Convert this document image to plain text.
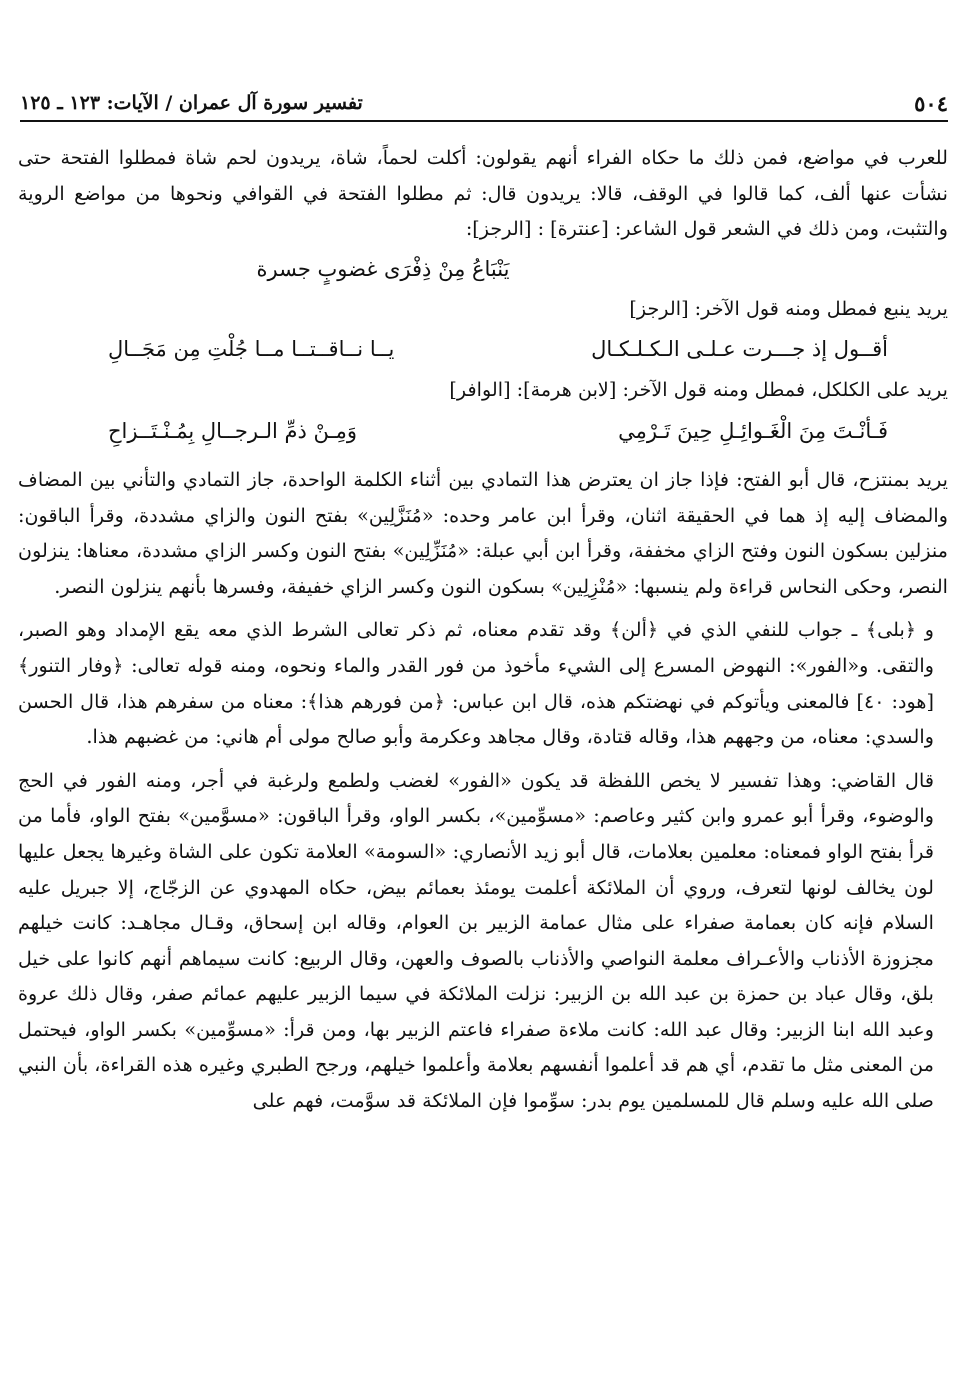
٥٠٤
تفسير سورة آل عمران / الآيات: ١٢٣ ـ ١٢٥

للعرب في مواضع، فمن ذلك ما حكاه الفراء أنهم يقولون: أكلت لحماً، شاة، يريدون لحم شاة فمطلوا الفتحة حتى نشأت عنها ألف، كما قالوا في الوقف، قالا: يريدون قال: ثم مطلوا الفتحة في القوافي ونحوها من مواضع الروية والتثبت، ومن ذلك في الشعر قول الشاعر: [عنترة] : [الرجز]:

يَنْبَاعُ مِنْ ذِفْرَى غضوبٍ جسرة

يريد ينبع فمطل ومنه قول الآخر: [الرجز]

أقــول إذ جـــرت عـلـى الـكـلـكـال
يــا نــاقــتــا مــا جُلْتِ مِن مَجَــالِ

يريد على الكلكل، فمطل ومنه قول الآخر: [لابن هرمة]: [الوافر]

فَـأنْـتَ مِنَ الْغَـوائِـلِ حِينَ تَـرْمِي
وَمِـنْ ذمِّ الـرجــالِ بِمُـنْـتَــزاحِ

يريد بمنتزح، قال أبو الفتح: فإذا جاز ان يعترض هذا التمادي بين أثناء الكلمة الواحدة، جاز التمادي والتأني بين المضاف والمضاف إليه إذ هما في الحقيقة اثنان، وقرأ ابن عامر وحده: «مُنَزَّلِين» بفتح النون والزاي مشددة، وقرأ الباقون: منزلين بسكون النون وفتح الزاي مخففة، وقرأ ابن أبي عبلة: «مُنَزِّلِين» بفتح النون وكسر الزاي مشددة، معناها: ينزلون النصر، وحكى النحاس قراءة ولم ينسبها: «مُنْزِلِين» بسكون النون وكسر الزاي خفيفة، وفسرها بأنهم ينزلون النصر.

و ﴿بلى﴾ ـ جواب للنفي الذي في ﴿ألن﴾ وقد تقدم معناه، ثم ذكر تعالى الشرط الذي معه يقع الإمداد وهو الصبر، والتقى. و«الفور»: النهوض المسرع إلى الشيء مأخوذ من فور القدر والماء ونحوه، ومنه قوله تعالى: ﴿وفار التنور﴾ [هود: ٤٠] فالمعنى ويأتوكم في نهضتكم هذه، قال ابن عباس: ﴿من فورهم هذا﴾: معناه من سفرهم هذا، قال الحسن والسدي: معناه، من وجههم هذا، وقاله قتادة، وقال مجاهد وعكرمة وأبو صالح مولى أم هاني: من غضبهم هذا.

قال القاضي: وهذا تفسير لا يخص اللفظة قد يكون «الفور» لغضب ولطمع ولرغبة في أجر، ومنه الفور في الحج والوضوء، وقرأ أبو عمرو وابن كثير وعاصم: «مسوِّمين»، بكسر الواو، وقرأ الباقون: «مسوَّمين» بفتح الواو، فأما من قرأ بفتح الواو فمعناه: معلمين بعلامات، قال أبو زيد الأنصاري: «السومة» العلامة تكون على الشاة وغيرها يجعل عليها لون يخالف لونها لتعرف، وروي أن الملائكة أعلمت يومئذ بعمائم بيض، حكاه المهدوي عن الزجّاج، إلا جبريل عليه السلام فإنه كان بعمامة صفراء على مثال عمامة الزبير بن العوام، وقاله ابن إسحاق، وقـال مجاهـد: كانت خيلهم مجزوزة الأذناب والأعـراف معلمة النواصي والأذناب بالصوف والعهن، وقال الربيع: كانت سيماهم أنهم كانوا على خيل بلق، وقال عباد بن حمزة بن عبد الله بن الزبير: نزلت الملائكة في سيما الزبير عليهم عمائم صفر، وقال ذلك عروة وعبد الله ابنا الزبير: وقال عبد الله: كانت ملاءة صفراء فاعتم الزبير بها، ومن قرأ: «مسوِّمين» بكسر الواو، فيحتمل من المعنى مثل ما تقدم، أي هم قد أعلموا أنفسهم بعلامة وأعلموا خيلهم، ورجح الطبري وغيره هذه القراءة، بأن النبي صلى الله عليه وسلم قال للمسلمين يوم بدر: سوِّموا فإن الملائكة قد سوَّمت، فهم على
